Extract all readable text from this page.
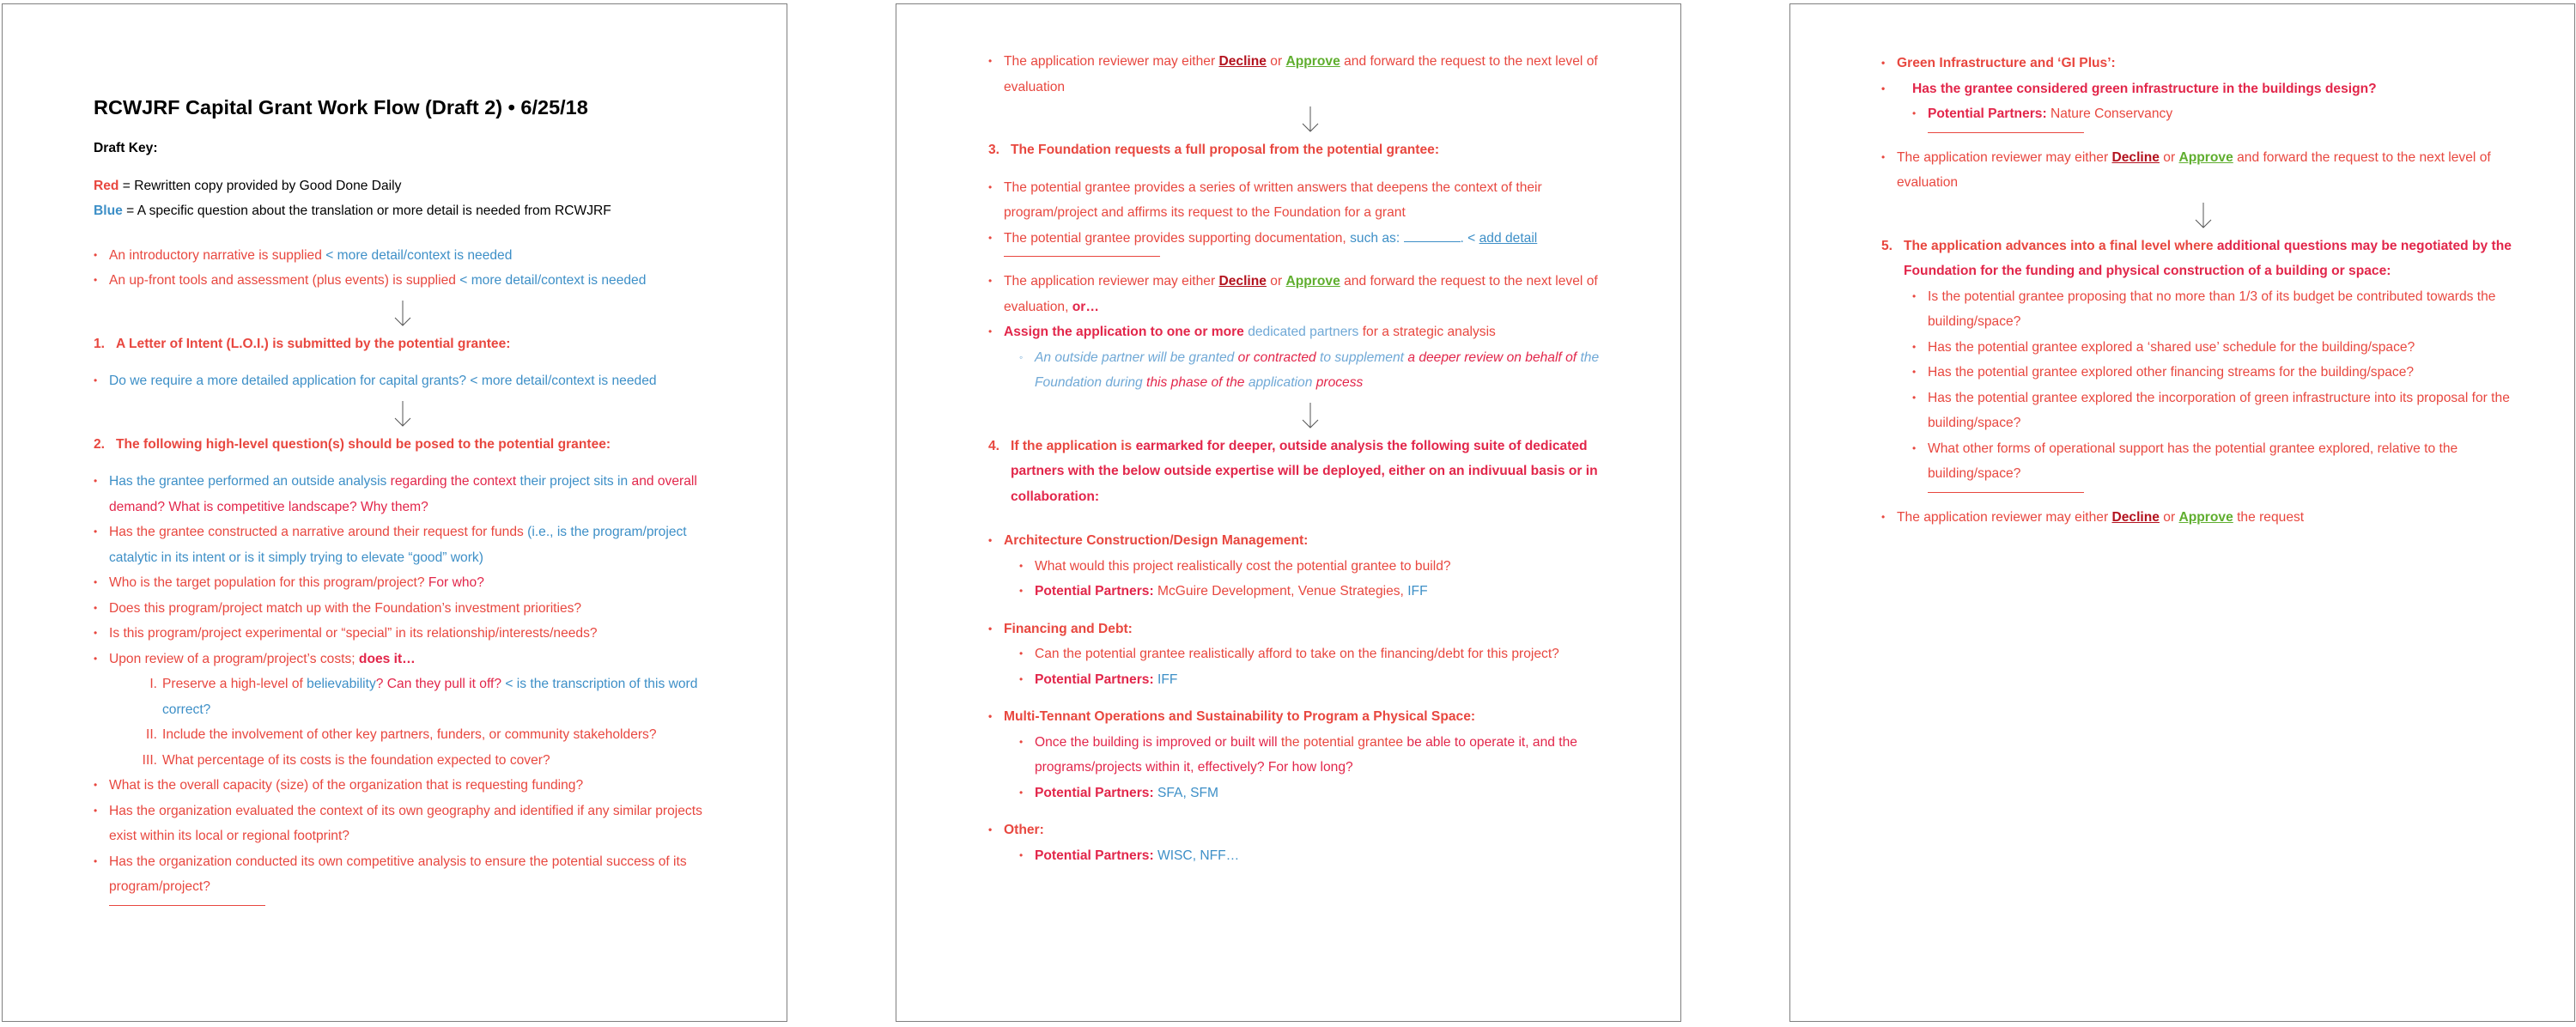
RCWJRF Capital Grant Work Flow (Draft 2) • 6/25/18
Draft Key:
Red = Rewritten copy provided by Good Done Daily
Blue = A specific question about the translation or more detail is needed from RCWJRF
• An introductory narrative is supplied < more detail/context is needed
• An up-front tools and assessment (plus events) is supplied < more detail/context is needed
1. A Letter of Intent (L.O.I.) is submitted by the potential grantee:
• Do we require a more detailed application for capital grants? < more detail/context is needed
2. The following high-level question(s) should be posed to the potential grantee:
• Has the grantee performed an outside analysis regarding the context their project sits in and overall demand? What is competitive landscape? Why them?
• Has the grantee constructed a narrative around their request for funds (i.e., is the program/project catalytic in its intent or is it simply trying to elevate “good” work)
• Who is the target population for this program/project? For who?
• Does this program/project match up with the Foundation’s investment priorities?
• Is this program/project experimental or “special” in its relationship/interests/needs?
• Upon review of a program/project’s costs; does it…
I. Preserve a high-level of believability? Can they pull it off? < is the transcription of this word correct?
II. Include the involvement of other key partners, funders, or community stakeholders?
III. What percentage of its costs is the foundation expected to cover?
• What is the overall capacity (size) of the organization that is requesting funding?
• Has the organization evaluated the context of its own geography and identified if any similar projects exist within its local or regional footprint?
• Has the organization conducted its own competitive analysis to ensure the potential success of its program/project?
• The application reviewer may either Decline or Approve and forward the request to the next level of evaluation
3. The Foundation requests a full proposal from the potential grantee:
• The potential grantee provides a series of written answers that deepens the context of their program/project and affirms its request to the Foundation for a grant
• The potential grantee provides supporting documentation, such as:	. < add detail
• The application reviewer may either Decline or Approve and forward the request to the next level of evaluation, or…
• Assign the application to one or more dedicated partners for a strategic analysis
◦ An outside partner will be granted or contracted to supplement a deeper review on behalf of the Foundation during this phase of the application process
4. If the application is earmarked for deeper, outside analysis the following suite of dedicated partners with the below outside expertise will be deployed, either on an indivuual basis or in collaboration:
• Architecture Construction/Design Management:
• What would this project realistically cost the potential grantee to build?
• Potential Partners: McGuire Development, Venue Strategies, IFF
• Financing and Debt:
• Can the potential grantee realistically afford to take on the financing/debt for this project?
• Potential Partners: IFF
• Multi-Tennant Operations and Sustainability to Program a Physical Space:
• Once the building is improved or built will the potential grantee be able to operate it, and the programs/projects within it, effectively? For how long?
• Potential Partners: SFA, SFM
• Other:
• Potential Partners: WISC, NFF…
• Green Infrastructure and ‘GI Plus’:
• Has the grantee considered green infrastructure in the buildings design?
• Potential Partners: Nature Conservancy
• The application reviewer may either Decline or Approve and forward the request to the next level of evaluation
5. The application advances into a final level where additional questions may be negotiated by the Foundation for the funding and physical construction of a building or space:
• Is the potential grantee proposing that no more than 1/3 of its budget be contributed towards the building/space?
• Has the potential grantee explored a ‘shared use’ schedule for the building/space?
• Has the potential grantee explored other financing streams for the building/space?
• Has the potential grantee explored the incorporation of green infrastructure into its proposal for the building/space?
• What other forms of operational support has the potential grantee explored, relative to the building/space?
• The application reviewer may either Decline or Approve the request
